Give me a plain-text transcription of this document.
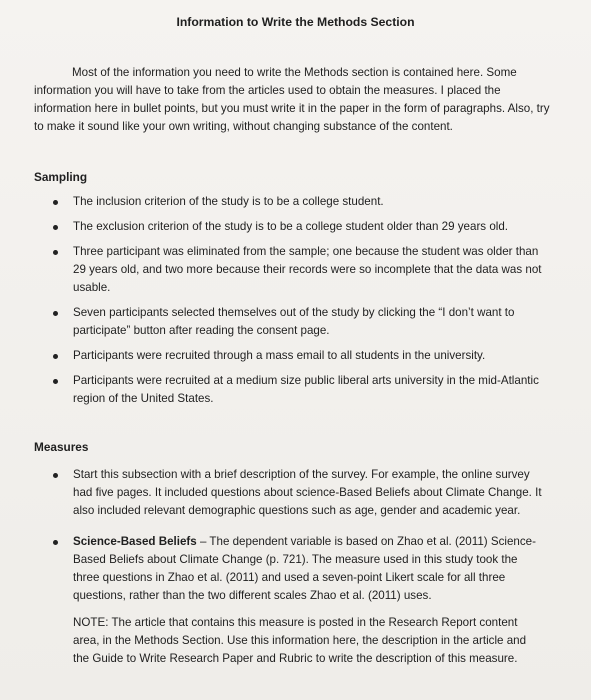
Information to Write the Methods Section

Most of the information you need to write the Methods section is contained here. Some information you will have to take from the articles used to obtain the measures. I placed the information here in bullet points, but you must write it in the paper in the form of paragraphs. Also, try to make it sound like your own writing, without changing substance of the content.

Sampling
The inclusion criterion of the study is to be a college student.
The exclusion criterion of the study is to be a college student older than 29 years old.
Three participant was eliminated from the sample; one because the student was older than 29 years old, and two more because their records were so incomplete that the data was not usable.
Seven participants selected themselves out of the study by clicking the “I don’t want to participate” button after reading the consent page.
Participants were recruited through a mass email to all students in the university.
Participants were recruited at a medium size public liberal arts university in the mid-Atlantic region of the United States.
Measures
Start this subsection with a brief description of the survey. For example, the online survey had five pages. It included questions about science-Based Beliefs about Climate Change. It also included relevant demographic questions such as age, gender and academic year.
Science-Based Beliefs – The dependent variable is based on Zhao et al. (2011) Science-Based Beliefs about Climate Change (p. 721). The measure used in this study took the three questions in Zhao et al. (2011) and used a seven-point Likert scale for all three questions, rather than the two different scales Zhao et al. (2011) uses.
NOTE: The article that contains this measure is posted in the Research Report content area, in the Methods Section. Use this information here, the description in the article and the Guide to Write Research Paper and Rubric to write the description of this measure.
